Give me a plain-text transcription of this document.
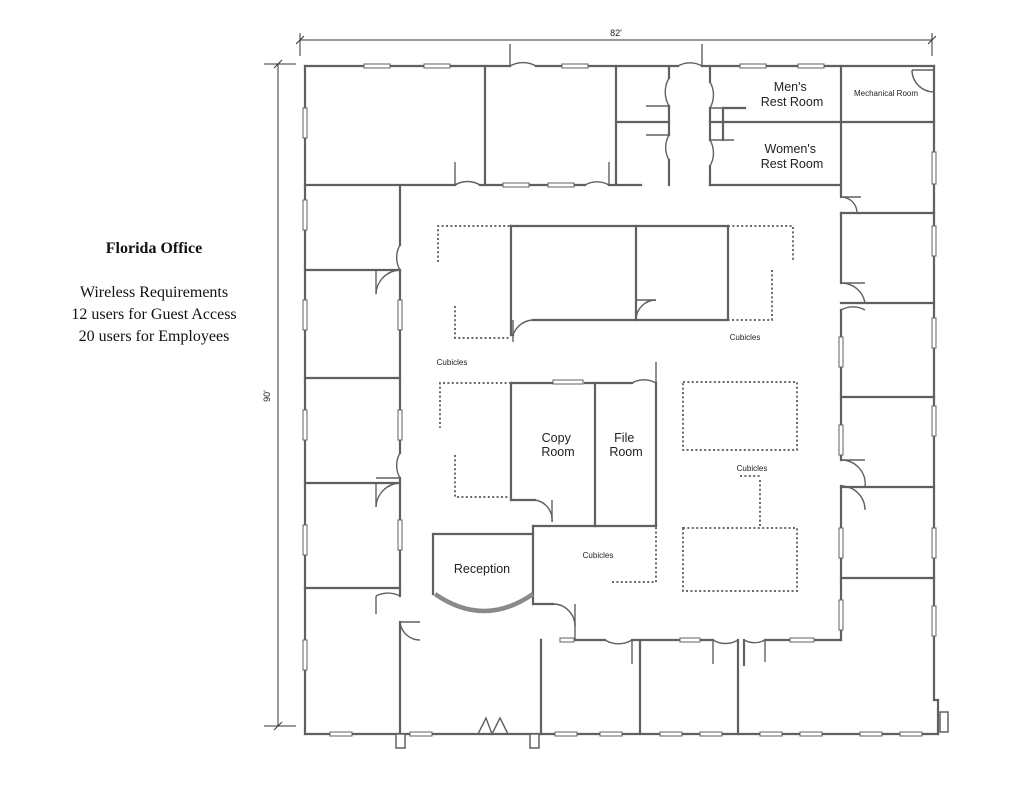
Florida Office
Wireless Requirements
12 users for Guest Access
20 users for Employees
82'
90'
Men's Rest Room
Women's Rest Room
Mechanical Room
Copy Room
File Room
Reception
Cubicles
Cubicles
Cubicles
Cubicles
